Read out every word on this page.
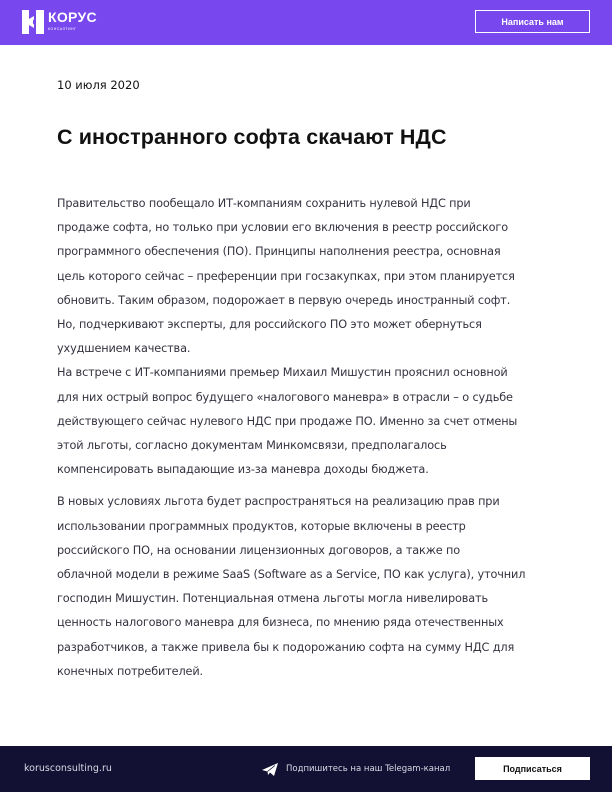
КОРУС
КОНСАЛТИНГ
Написать нам
10 июля 2020
С иностранного софта скачают НДС

Правительство пообещало ИТ-компаниям сохранить нулевой НДС при
продаже софта, но только при условии его включения в реестр российского
программного обеспечения (ПО). Принципы наполнения реестра, основная
цель которого сейчас – преференции при госзакупках, при этом планируется
обновить. Таким образом, подорожает в первую очередь иностранный софт.
Но, подчеркивают эксперты, для российского ПО это может обернуться
ухудшением качества.

На встрече с ИТ-компаниями премьер Михаил Мишустин прояснил основной
для них острый вопрос будущего «налогового маневра» в отрасли – о судьбе
действующего сейчас нулевого НДС при продаже ПО. Именно за счет отмены
этой льготы, согласно документам Минкомсвязи, предполагалось
компенсировать выпадающие из-за маневра доходы бюджета.

В новых условиях льгота будет распространяться на реализацию прав при
использовании программных продуктов, которые включены в реестр
российского ПО, на основании лицензионных договоров, а также по
облачной модели в режиме SaaS (Software as a Service, ПО как услуга), уточнил
господин Мишустин. Потенциальная отмена льготы могла нивелировать
ценность налогового маневра для бизнеса, по мнению ряда отечественных
разработчиков, а также привела бы к подорожанию софта на сумму НДС для
конечных потребителей.

korusconsulting.ru	Подпишитесь на наш Telegam-канал	Подписаться
